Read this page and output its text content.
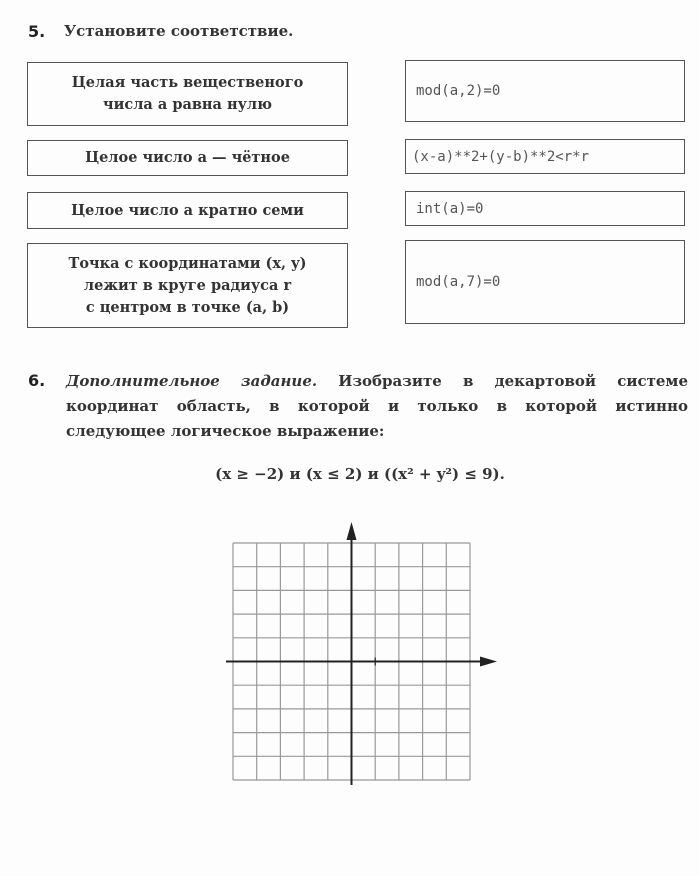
5. Установите соответствие.
Целая часть вещественого
числа a равна нулю
Целое число a — чётное
Целое число a кратно семи
Точка с координатами (x, y)
лежит в круге радиуса r
с центром в точке (a, b)
mod(a,2)=0
(x-a)**2+(y-b)**2<r*r
int(a)=0
mod(a,7)=0
6. Дополнительное задание. Изобразите в декартовой системе координат область, в которой и только в которой истинно следующее логическое выражение:
(x ≥ −2) и (x ≤ 2) и ((x² + y²) ≤ 9).
